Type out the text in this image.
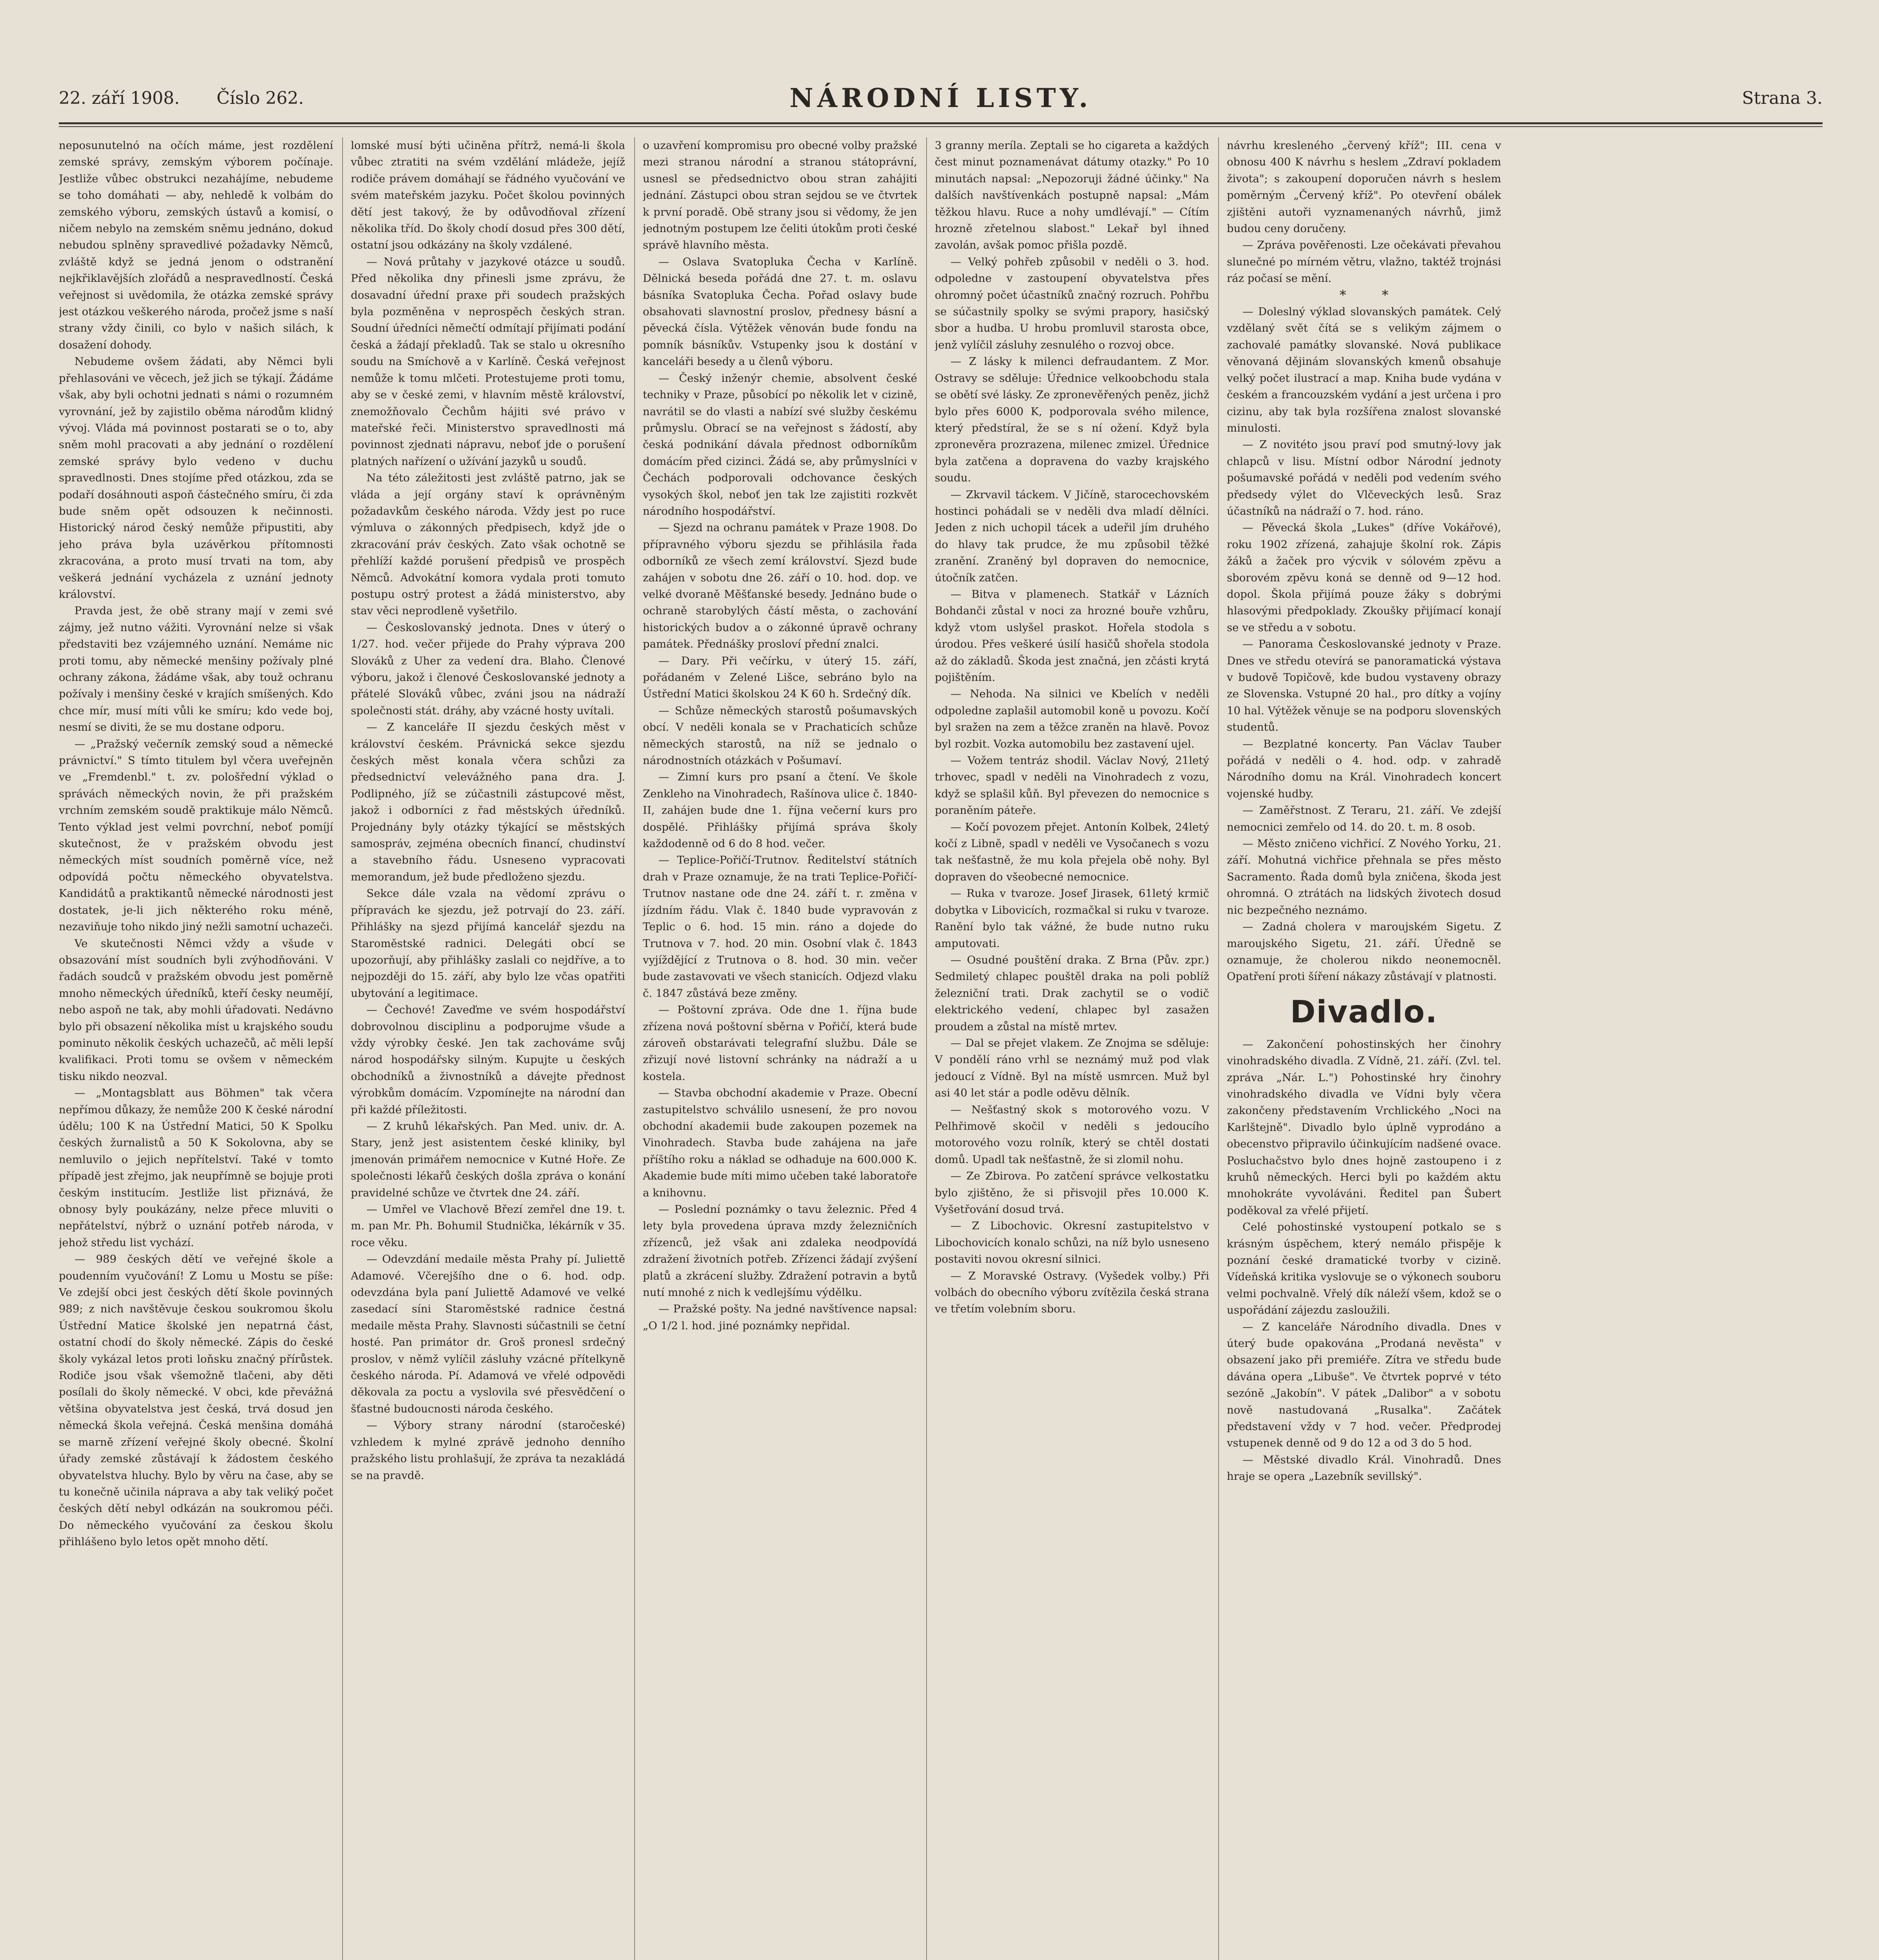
22. září 1908. Číslo 262.	NÁRODNÍ LISTY.	Strana 3.

neposunutelnó na očích máme, jest rozdělení zemské správy, zemským výborem počínaje. Jestliže vůbec obstrukci nezahájíme, nebudeme se toho domáhati — aby, nehledě k volbám do zemského výboru, zemských ústavů a komisí, o ničem nebylo na zemském sněmu jednáno, dokud nebudou splněny spravedlivé požadavky Němců, zvláště když se jedná jenom o odstranění nejkřiklavějších zlořádů a nespravedlností. Česká veřejnost si uvědomila, že otázka zemské správy jest otázkou veškerého národa, pročež jsme s naší strany vždy činili, co bylo v našich silách, k dosažení dohody.

Nebudeme ovšem žádati, aby Němci byli přehlasováni ve věcech, jež jich se týkají. Žádáme však, aby byli ochotni jednati s námi o rozumném vyrovnání, jež by zajistilo oběma národům klidný vývoj. Vláda má povinnost postarati se o to, aby sněm mohl pracovati a aby jednání o rozdělení zemské správy bylo vedeno v duchu spravedlnosti. Dnes stojíme před otázkou, zda se podaří dosáhnouti aspoň částečného smíru, či zda bude sněm opět odsouzen k nečinnosti. Historický národ český nemůže připustiti, aby jeho práva byla uzávěrkou přítomnosti zkracována, a proto musí trvati na tom, aby veškerá jednání vycházela z uznání jednoty království.

Pravda jest, že obě strany mají v zemi své zájmy, jež nutno vážiti. Vyrovnání nelze si však představiti bez vzájemného uznání. Nemáme nic proti tomu, aby německé menšiny požívaly plné ochrany zákona, žádáme však, aby touž ochranu požívaly i menšiny české v krajích smíšených. Kdo chce mír, musí míti vůli ke smíru; kdo vede boj, nesmí se diviti, že se mu dostane odporu.

— „Pražský večerník zemský soud a německé právnictví." S tímto titulem byl včera uveřejněn ve „Fremdenbl." t. zv. pološřední výklad o správách německých novin, že při pražském vrchním zemském soudě praktikuje málo Němců. Tento výklad jest velmi povrchní, neboť pomíjí skutečnost, že v pražském obvodu jest německých míst soudních poměrně více, než odpovídá počtu německého obyvatelstva. Kandidátů a praktikantů německé národnosti jest dostatek, je-li jich některého roku méně, nezaviňuje toho nikdo jiný nežli samotní uchazeči.

Ve skutečnosti Němci vždy a všude v obsazování míst soudních byli zvýhodňováni. V řadách soudců v pražském obvodu jest poměrně mnoho německých úředníků, kteří česky neumějí, nebo aspoň ne tak, aby mohli úřadovati. Nedávno bylo při obsazení několika míst u krajského soudu pominuto několik českých uchazečů, ač měli lepší kvalifikaci. Proti tomu se ovšem v německém tisku nikdo neozval.

— „Montagsblatt aus Böhmen" tak včera nepřímou důkazy, že nemůže 200 K české národní údělu; 100 K na Ústřední Matici, 50 K Spolku českých žurnalistů a 50 K Sokolovna, aby se nemluvilo o jejich nepřítelství. Také v tomto případě jest zřejmo, jak neupřímně se bojuje proti českým institucím. Jestliže list přiznává, že obnosy byly poukázány, nelze přece mluviti o nepřátelství, nýbrž o uznání potřeb národa, v jehož středu list vychází.

— 989 českých dětí ve veřejné škole a poudenním vyučování! Z Lomu u Mostu se píše: Ve zdejší obci jest českých dětí škole povinných 989; z nich navštěvuje českou soukromou školu Ústřední Matice školské jen nepatrná část, ostatní chodí do školy německé. Zápis do české školy vykázal letos proti loňsku značný přírůstek. Rodiče jsou však všemožně tlačeni, aby děti posílali do školy německé. V obci, kde převážná většina obyvatelstva jest česká, trvá dosud jen německá škola veřejná. Česká menšina domáhá se marně zřízení veřejné školy obecné. Školní úřady zemské zůstávají k žádostem českého obyvatelstva hluchy. Bylo by věru na čase, aby se tu konečně učinila náprava a aby tak veliký počet českých dětí nebyl odkázán na soukromou péči. Do německého vyučování za českou školu přihlášeno bylo letos opět mnoho dětí.

lomské musí býti učiněna přítrž, nemá-li škola vůbec ztratiti na svém vzdělání mládeže, jejíž rodiče právem domáhají se řádného vyučování ve svém mateřském jazyku. Počet školou povinných dětí jest takový, že by odůvodňoval zřízení několika tříd. Do školy chodí dosud přes 300 dětí, ostatní jsou odkázány na školy vzdálené.

— Nová průtahy v jazykové otázce u soudů. Před několika dny přinesli jsme zprávu, že dosavadní úřední praxe při soudech pražských byla pozměněna v neprospěch českých stran. Soudní úředníci němečtí odmítají přijímati podání česká a žádají překladů. Tak se stalo u okresního soudu na Smíchově a v Karlíně. Česká veřejnost nemůže k tomu mlčeti. Protestujeme proti tomu, aby se v české zemi, v hlavním městě království, znemožňovalo Čechům hájiti své právo v mateřské řeči. Ministerstvo spravedlnosti má povinnost zjednati nápravu, neboť jde o porušení platných nařízení o užívání jazyků u soudů.

Na této záležitosti jest zvláště patrno, jak se vláda a její orgány staví k oprávněným požadavkům českého národa. Vždy jest po ruce výmluva o zákonných předpisech, když jde o zkracování práv českých. Zato však ochotně se přehlíží každé porušení předpisů ve prospěch Němců. Advokátní komora vydala proti tomuto postupu ostrý protest a žádá ministerstvo, aby stav věci neprodleně vyšetřilo.

— Českoslovanský jednota. Dnes v úterý o 1/27. hod. večer přijede do Prahy výprava 200 Slováků z Uher za vedení dra. Blaho. Členové výboru, jakož i členové Českoslovanské jednoty a přátelé Slováků vůbec, zváni jsou na nádraží společnosti stát. dráhy, aby vzácné hosty uvítali.

— Z kanceláře II sjezdu českých měst v království českém. Právnická sekce sjezdu českých měst konala včera schůzi za předsednictví velevážného pana dra. J. Podlipného, jíž se zúčastnili zástupcové měst, jakož i odborníci z řad městských úředníků. Projednány byly otázky týkající se městských samospráv, zejména obecních financí, chudinství a stavebního řádu. Usneseno vypracovati memorandum, jež bude předloženo sjezdu.

Sekce dále vzala na vědomí zprávu o přípravách ke sjezdu, jež potrvají do 23. září. Přihlášky na sjezd přijímá kancelář sjezdu na Staroměstské radnici. Delegáti obcí se upozorňují, aby přihlášky zaslali co nejdříve, a to nejpozději do 15. září, aby bylo lze včas opatřiti ubytování a legitimace.

— Čechové! Zaveďme ve svém hospodářství dobrovolnou disciplinu a podporujme všude a vždy výrobky české. Jen tak zachováme svůj národ hospodářsky silným. Kupujte u českých obchodníků a živnostníků a dávejte přednost výrobkům domácím. Vzpomínejte na národní dan při každé příležitosti.

— Z kruhů lékařských. Pan Med. univ. dr. A. Stary, jenž jest asistentem české kliniky, byl jmenován primářem nemocnice v Kutné Hoře. Ze společnosti lékařů českých došla zpráva o konání pravidelné schůze ve čtvrtek dne 24. září.

— Umřel ve Vlachově Březí zemřel dne 19. t. m. pan Mr. Ph. Bohumil Studnička, lékárník v 35. roce věku.

— Odevzdání medaile města Prahy pí. Juliettě Adamové. Včerejšího dne o 6. hod. odp. odevzdána byla paní Juliettě Adamové ve velké zasedací síni Staroměstské radnice čestná medaile města Prahy. Slavnosti súčastnili se četní hosté. Pan primátor dr. Groš pronesl srdečný proslov, v němž vylíčil zásluhy vzácné přítelkyně českého národa. Pí. Adamová ve vřelé odpovědi děkovala za poctu a vyslovila své přesvědčení o šťastné budoucnosti národa českého.

— Výbory strany národní (staročeské) vzhledem k mylné zprávě jednoho denního pražského listu prohlašují, že zpráva ta nezakládá se na pravdě.

o uzavření kompromisu pro obecné volby pražské mezi stranou národní a stranou státoprávní, usnesl se předsednictvo obou stran zahájiti jednání. Zástupci obou stran sejdou se ve čtvrtek k první poradě. Obě strany jsou si vědomy, že jen jednotným postupem lze čeliti útokům proti české správě hlavního města.

— Oslava Svatopluka Čecha v Karlíně. Dělnická beseda pořádá dne 27. t. m. oslavu básníka Svatopluka Čecha. Pořad oslavy bude obsahovati slavnostní proslov, přednesy básní a pěvecká čísla. Výtěžek věnován bude fondu na pomník básníkův. Vstupenky jsou k dostání v kanceláři besedy a u členů výboru.

— Český inženýr chemie, absolvent české techniky v Praze, působící po několik let v cizině, navrátil se do vlasti a nabízí své služby českému průmyslu. Obrací se na veřejnost s žádostí, aby česká podnikání dávala přednost odborníkům domácím před cizinci. Žádá se, aby průmyslníci v Čechách podporovali odchovance českých vysokých škol, neboť jen tak lze zajistiti rozkvět národního hospodářství.

— Sjezd na ochranu památek v Praze 1908. Do přípravného výboru sjezdu se přihlásila řada odborníků ze všech zemí království. Sjezd bude zahájen v sobotu dne 26. září o 10. hod. dop. ve velké dvoraně Měšťanské besedy. Jednáno bude o ochraně starobylých částí města, o zachování historických budov a o zákonné úpravě ochrany památek. Přednášky prosloví přední znalci.

— Dary. Při večírku, v úterý 15. září, pořádaném v Zelené Lišce, sebráno bylo na Ústřední Matici školskou 24 K 60 h. Srdečný dík.

— Schůze německých starostů pošumavských obcí. V neděli konala se v Prachaticích schůze německých starostů, na níž se jednalo o národnostních otázkách v Pošumaví.

— Zimní kurs pro psaní a čtení. Ve škole Zenkleho na Vinohradech, Rašínova ulice č. 1840-II, zahájen bude dne 1. října večerní kurs pro dospělé. Přihlášky přijímá správa školy každodenně od 6 do 8 hod. večer.

— Teplice-Pořičí-Trutnov. Ředitelství státních drah v Praze oznamuje, že na trati Teplice-Pořičí-Trutnov nastane ode dne 24. září t. r. změna v jízdním řádu. Vlak č. 1840 bude vypravován z Teplic o 6. hod. 15 min. ráno a dojede do Trutnova v 7. hod. 20 min. Osobní vlak č. 1843 vyjíždějící z Trutnova o 8. hod. 30 min. večer bude zastavovati ve všech stanicích. Odjezd vlaku č. 1847 zůstává beze změny.

— Poštovní zpráva. Ode dne 1. října bude zřízena nová poštovní sběrna v Pořičí, která bude zároveň obstarávati telegrafní službu. Dále se zřizují nové listovní schránky na nádraží a u kostela.

— Stavba obchodní akademie v Praze. Obecní zastupitelstvo schválilo usnesení, že pro novou obchodní akademii bude zakoupen pozemek na Vinohradech. Stavba bude zahájena na jaře příštího roku a náklad se odhaduje na 600.000 K. Akademie bude míti mimo učeben také laboratoře a knihovnu.

— Poslední poznámky o tavu železnic. Před 4 lety byla provedena úprava mzdy železničních zřízenců, jež však ani zdaleka neodpovídá zdražení životních potřeb. Zřízenci žádají zvýšení platů a zkrácení služby. Zdražení potravin a bytů nutí mnohé z nich k vedlejšímu výdělku.

— Pražské pošty. Na jedné navštívence napsal: „O 1/2 l. hod. jiné poznámky nepřidal.

3 granny meríla. Zeptali se ho cigareta a každých čest minut poznamenávat dátumy otazky." Po 10 minutách napsal: „Nepozoruji žádné účinky." Na dalších navštívenkách postupně napsal: „Mám těžkou hlavu. Ruce a nohy umdlévají." — Cítím hrozně zřetelnou slabost." Lekař byl ihned zavolán, avšak pomoc přišla pozdě.

— Velký pohřeb způsobil v neděli o 3. hod. odpoledne v zastoupení obyvatelstva přes ohromný počet účastníků značný rozruch. Pohřbu se súčastnily spolky se svými prapory, hasičský sbor a hudba. U hrobu promluvil starosta obce, jenž vylíčil zásluhy zesnulého o rozvoj obce.

— Z lásky k milenci defraudantem. Z Mor. Ostravy se sděluje: Úřednice velkoobchodu stala se obětí své lásky. Ze zpronevěřených peněz, jichž bylo přes 6000 K, podporovala svého milence, který předstíral, že se s ní ožení. Když byla zpronevěra prozrazena, milenec zmizel. Úřednice byla zatčena a dopravena do vazby krajského soudu.

— Zkrvavil táckem. V Jičíně, starocechovském hostinci pohádali se v neděli dva mladí dělníci. Jeden z nich uchopil tácek a udeřil jím druhého do hlavy tak prudce, že mu způsobil těžké zranění. Zraněný byl dopraven do nemocnice, útočník zatčen.

— Bitva v plamenech. Statkář v Lázních Bohdanči zůstal v noci za hrozné bouře vzhůru, když vtom uslyšel praskot. Hořela stodola s úrodou. Přes veškeré úsilí hasičů shořela stodola až do základů. Škoda jest značná, jen zčásti krytá pojištěním.

— Nehoda. Na silnici ve Kbelích v neděli odpoledne zaplašil automobil koně u povozu. Kočí byl sražen na zem a těžce zraněn na hlavě. Povoz byl rozbit. Vozka automobilu bez zastavení ujel.

— Vožem tentráz shodil. Václav Nový, 21letý trhovec, spadl v neděli na Vinohradech z vozu, když se splašil kůň. Byl převezen do nemocnice s poraněním páteře.

— Kočí povozem přejet. Antonín Kolbek, 24letý kočí z Libně, spadl v neděli ve Vysočanech s vozu tak nešťastně, že mu kola přejela obě nohy. Byl dopraven do všeobecné nemocnice.

— Ruka v tvaroze. Josef Jirasek, 61letý krmič dobytka v Libovicích, rozmačkal si ruku v tvaroze. Ranění bylo tak vážné, že bude nutno ruku amputovati.

— Osudné pouštění draka. Z Brna (Pův. zpr.) Sedmiletý chlapec pouštěl draka na poli poblíž železniční trati. Drak zachytil se o vodič elektrického vedení, chlapec byl zasažen proudem a zůstal na místě mrtev.

— Dal se přejet vlakem. Ze Znojma se sděluje: V pondělí ráno vrhl se neznámý muž pod vlak jedoucí z Vídně. Byl na místě usmrcen. Muž byl asi 40 let stár a podle oděvu dělník.

— Nešťastný skok s motorového vozu. V Pelhřimově skočil v neděli s jedoucího motorového vozu rolník, který se chtěl dostati domů. Upadl tak nešťastně, že si zlomil nohu.

— Ze Zbirova. Po zatčení správce velkostatku bylo zjištěno, že si přisvojil přes 10.000 K. Vyšetřování dosud trvá.

— Z Libochovic. Okresní zastupitelstvo v Libochovicích konalo schůzi, na níž bylo usneseno postaviti novou okresní silnici.

— Z Moravské Ostravy. (Vyšedek volby.) Při volbách do obecního výboru zvítězila česká strana ve třetím volebním sboru.

návrhu kresleného „červený kříž"; III. cena v obnosu 400 K návrhu s heslem „Zdraví pokladem života"; s zakoupení doporučen návrh s heslem poměrným „Červený kříž". Po otevření obálek zjištěni autoři vyznamenaných návrhů, jimž budou ceny doručeny.

— Zpráva pověřenosti. Lze očekávati převahou slunečné po mírném větru, vlažno, taktéž trojnási ráz počasí se mění.

* *

— Doleslný výklad slovanských památek. Celý vzdělaný svět čítá se s velikým zájmem o zachovalé památky slovanské. Nová publikace věnovaná dějinám slovanských kmenů obsahuje velký počet ilustrací a map. Kniha bude vydána v českém a francouzském vydání a jest určena i pro cizinu, aby tak byla rozšířena znalost slovanské minulosti.

— Z novitéto jsou praví pod smutný-lovy jak chlapců v lisu. Místní odbor Národní jednoty pošumavské pořádá v neděli pod vedením svého předsedy výlet do Vlčeveckých lesů. Sraz účastníků na nádraží o 7. hod. ráno.

— Pěvecká škola „Lukes" (dříve Vokářové), roku 1902 zřízená, zahajuje školní rok. Zápis žáků a žaček pro výcvik v sólovém zpěvu a sborovém zpěvu koná se denně od 9—12 hod. dopol. Škola přijímá pouze žáky s dobrými hlasovými předpoklady. Zkoušky přijímací konají se ve středu a v sobotu.

— Panorama Českoslovanské jednoty v Praze. Dnes ve středu otevírá se panoramatická výstava v budově Topičově, kde budou vystaveny obrazy ze Slovenska. Vstupné 20 hal., pro dítky a vojíny 10 hal. Výtěžek věnuje se na podporu slovenských studentů.

— Bezplatné koncerty. Pan Václav Tauber pořádá v neděli o 4. hod. odp. v zahradě Národního domu na Král. Vinohradech koncert vojenské hudby.

— Zaměřstnost. Z Teraru, 21. září. Ve zdejší nemocnici zemřelo od 14. do 20. t. m. 8 osob.

— Město zničeno vichřicí. Z Nového Yorku, 21. září. Mohutná vichřice přehnala se přes město Sacramento. Řada domů byla zničena, škoda jest ohromná. O ztrátách na lidských životech dosud nic bezpečného neznámo.

— Zadná cholera v maroujském Sigetu. Z maroujského Sigetu, 21. září. Úředně se oznamuje, že cholerou nikdo neonemocněl. Opatření proti šíření nákazy zůstávají v platnosti.

Divadlo.

— Zakončení pohostinských her činohry vinohradského divadla. Z Vídně, 21. září. (Zvl. tel. zpráva „Nár. L.") Pohostinské hry činohry vinohradského divadla ve Vídni byly včera zakončeny představením Vrchlického „Noci na Karlštejně". Divadlo bylo úplně vyprodáno a obecenstvo připravilo účinkujícím nadšené ovace. Posluchačstvo bylo dnes hojně zastoupeno i z kruhů německých. Herci byli po každém aktu mnohokráte vyvoláváni. Ředitel pan Šubert poděkoval za vřelé přijetí.

Celé pohostinské vystoupení potkalo se s krásným úspěchem, který nemálo přispěje k poznání české dramatické tvorby v cizině. Vídeňská kritika vyslovuje se o výkonech souboru velmi pochvalně. Vřelý dík náleží všem, kdož se o uspořádání zájezdu zasloužili.

— Z kanceláře Národního divadla. Dnes v úterý bude opakována „Prodaná nevěsta" v obsazení jako při premiéře. Zítra ve středu bude dávána opera „Libuše". Ve čtvrtek poprvé v této sezóně „Jakobín". V pátek „Dalibor" a v sobotu nově nastudovaná „Rusalka". Začátek představení vždy v 7 hod. večer. Předprodej vstupenek denně od 9 do 12 a od 3 do 5 hod.

— Městské divadlo Král. Vinohradů. Dnes hraje se opera „Lazebník sevillský".
